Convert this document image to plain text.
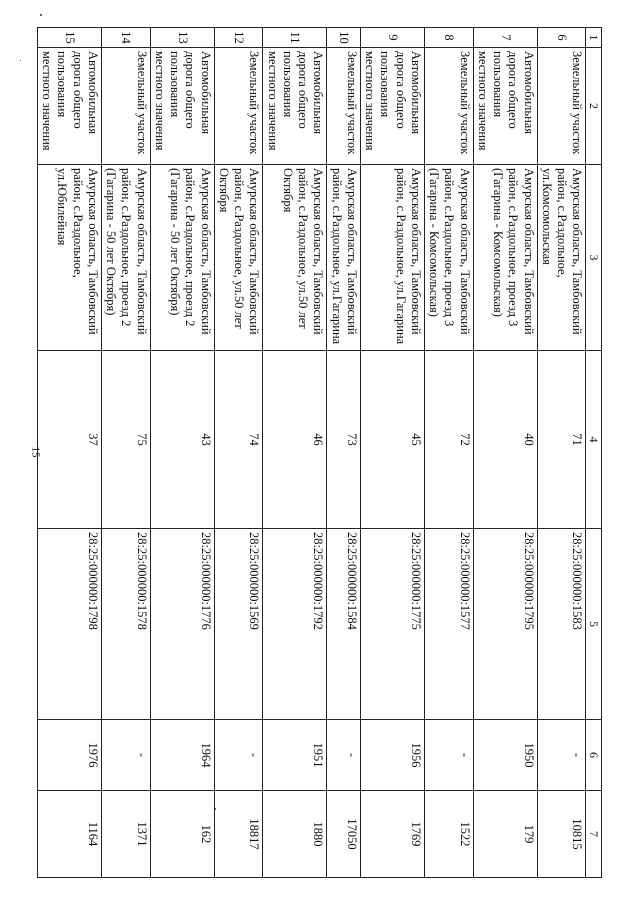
15
1	2	3	4	5	6	7
6	Земельный участок	Амурская область, Тамбовский район, с.Раздольное, ул.Комсомольская	71	28:25:000000:1583	-	10815
7	Автомобильная дорога общего пользования местного значения	Амурская область, Тамбовский район, с.Раздольное, проезд 3 (Гагарина - Комсомольская)	40	28:25:000000:1795	1950	179
8	Земельный участок	Амурская область, Тамбовский район, с.Раздольное, проезд 3 (Гагарина - Комсомольская)	72	28:25:000000:1577	-	1522
9	Автомобильная дорога общего пользования местного значения	Амурская область, Тамбовский район, с.Раздольное, ул.Гагарина	45	28:25:000000:1775	1956	1769
10	Земельный участок	Амурская область, Тамбовский район, с.Раздольное, ул.Гагарина	73	28:25:000000:1584	-	17050
11	Автомобильная дорога общего пользования местного значения	Амурская область, Тамбовский район, с.Раздольное, ул.50 лет Октября	46	28:25:000000:1792	1951	1880
12	Земельный участок	Амурская область, Тамбовский район, с.Раздольное, ул.50 лет Октября	74	28:25:000000:1569	-	18817
13	Автомобильная дорога общего пользования местного значения	Амурская область, Тамбовский район, с.Раздольное, проезд 2 (Гагарина - 50 лет Октября)	43	28:25:000000:1776	1964	162
14	Земельный участок	Амурская область, Тамбовский район, с.Раздольное, проезд 2 (Гагарина - 50 лет Октября)	75	28:25:000000:1578	-	1371
15	Автомобильная дорога общего пользования местного значения	Амурская область, Тамбовский район, с.Раздольное, ул.Юбилейная	37	28:25:000000:1798	1976	1164
